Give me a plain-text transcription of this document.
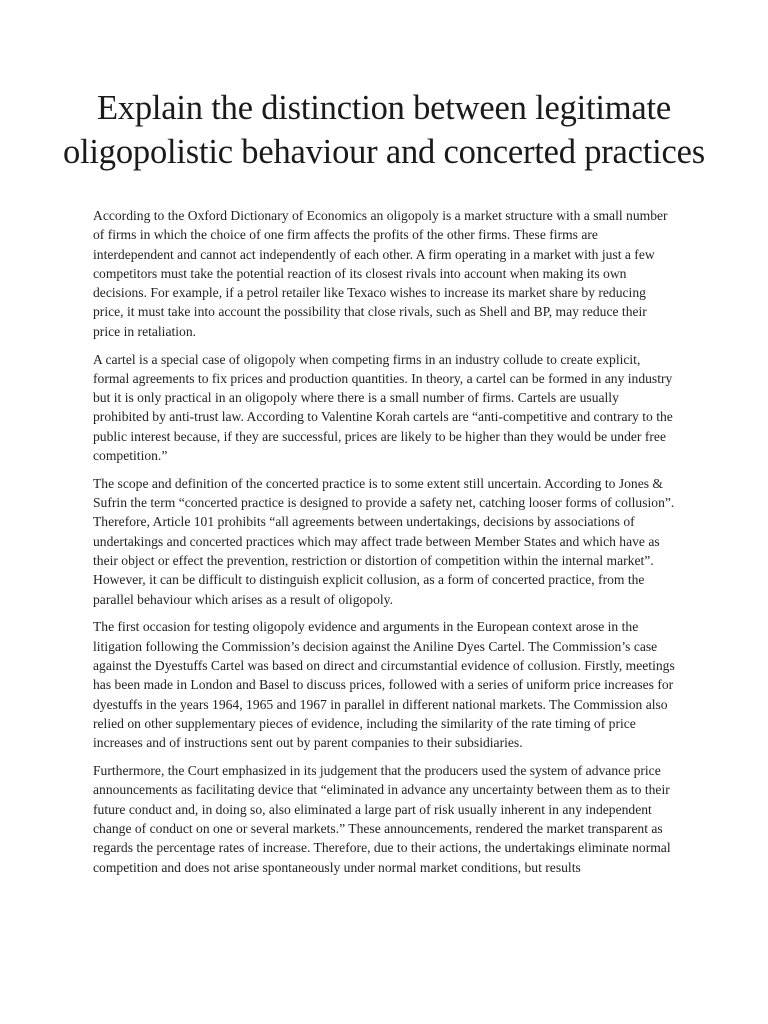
Explain the distinction between legitimate oligopolistic behaviour and concerted practices

According to the Oxford Dictionary of Economics an oligopoly is a market structure with a small number of firms in which the choice of one firm affects the profits of the other firms. These firms are interdependent and cannot act independently of each other. A firm operating in a market with just a few competitors must take the potential reaction of its closest rivals into account when making its own decisions. For example, if a petrol retailer like Texaco wishes to increase its market share by reducing price, it must take into account the possibility that close rivals, such as Shell and BP, may reduce their price in retaliation.

A cartel is a special case of oligopoly when competing firms in an industry collude to create explicit, formal agreements to fix prices and production quantities. In theory, a cartel can be formed in any industry but it is only practical in an oligopoly where there is a small number of firms. Cartels are usually prohibited by anti-trust law. According to Valentine Korah cartels are “anti-competitive and contrary to the public interest because, if they are successful, prices are likely to be higher than they would be under free competition.”

The scope and definition of the concerted practice is to some extent still uncertain. According to Jones & Sufrin the term “concerted practice is designed to provide a safety net, catching looser forms of collusion”. Therefore, Article 101 prohibits “all agreements between undertakings, decisions by associations of undertakings and concerted practices which may affect trade between Member States and which have as their object or effect the prevention, restriction or distortion of competition within the internal market”. However, it can be difficult to distinguish explicit collusion, as a form of concerted practice, from the parallel behaviour which arises as a result of oligopoly.

The first occasion for testing oligopoly evidence and arguments in the European context arose in the litigation following the Commission’s decision against the Aniline Dyes Cartel. The Commission’s case against the Dyestuffs Cartel was based on direct and circumstantial evidence of collusion. Firstly, meetings has been made in London and Basel to discuss prices, followed with a series of uniform price increases for dyestuffs in the years 1964, 1965 and 1967 in parallel in different national markets. The Commission also relied on other supplementary pieces of evidence, including the similarity of the rate timing of price increases and of instructions sent out by parent companies to their subsidiaries.

Furthermore, the Court emphasized in its judgement that the producers used the system of advance price announcements as facilitating device that “eliminated in advance any uncertainty between them as to their future conduct and, in doing so, also eliminated a large part of risk usually inherent in any independent change of conduct on one or several markets.” These announcements, rendered the market transparent as regards the percentage rates of increase. Therefore, due to their actions, the undertakings eliminate normal competition and does not arise spontaneously under normal market conditions, but results
